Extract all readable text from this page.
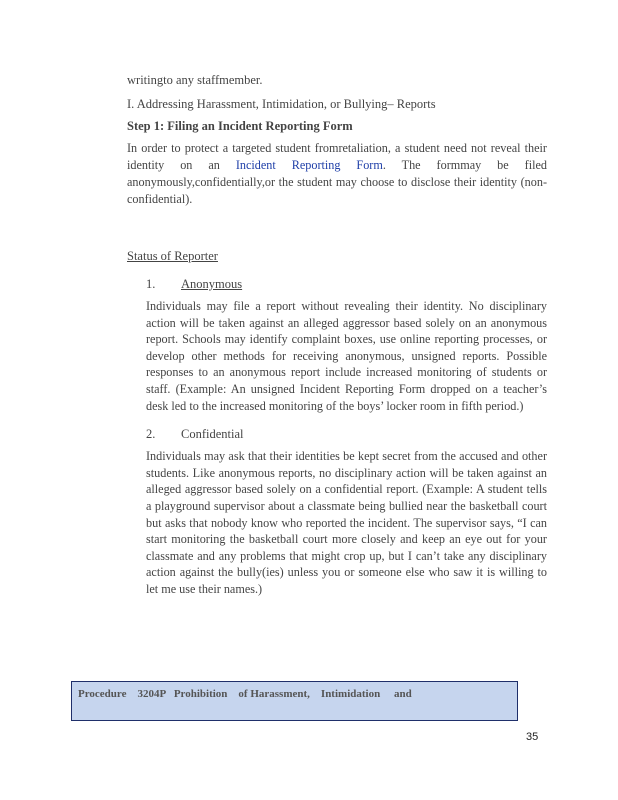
writingto any staffmember.

I. Addressing Harassment, Intimidation, or Bullying– Reports

Step 1: Filing an Incident Reporting Form

In order to protect a targeted student fromretaliation, a student need not reveal their identity on an Incident Reporting Form. The formmay be filed anonymously,confidentially,or the student may choose to disclose their identity (non-confidential).

Status of Reporter

1.	Anonymous

Individuals may file a report without revealing their identity. No disciplinary action will be taken against an alleged aggressor based solely on an anonymous report. Schools may identify complaint boxes, use online reporting processes, or develop other methods for receiving anonymous, unsigned reports. Possible responses to an anonymous report include increased monitoring of students or staff. (Example: An unsigned Incident Reporting Form dropped on a teacher’s desk led to the increased monitoring of the boys’ locker room in fifth period.)

2.	Confidential

Individuals may ask that their identities be kept secret from the accused and other students. Like anonymous reports, no disciplinary action will be taken against an alleged aggressor based solely on a confidential report. (Example: A student tells a playground supervisor about a classmate being bullied near the basketball court but asks that nobody know who reported the incident. The supervisor says, “I can start monitoring the basketball court more closely and keep an eye out for your classmate and any problems that might crop up, but I can’t take any disciplinary action against the bully(ies) unless you or someone else who saw it is willing to let me use their names.)

Procedure    3204P   Prohibition    of Harassment,    Intimidation     and
35
